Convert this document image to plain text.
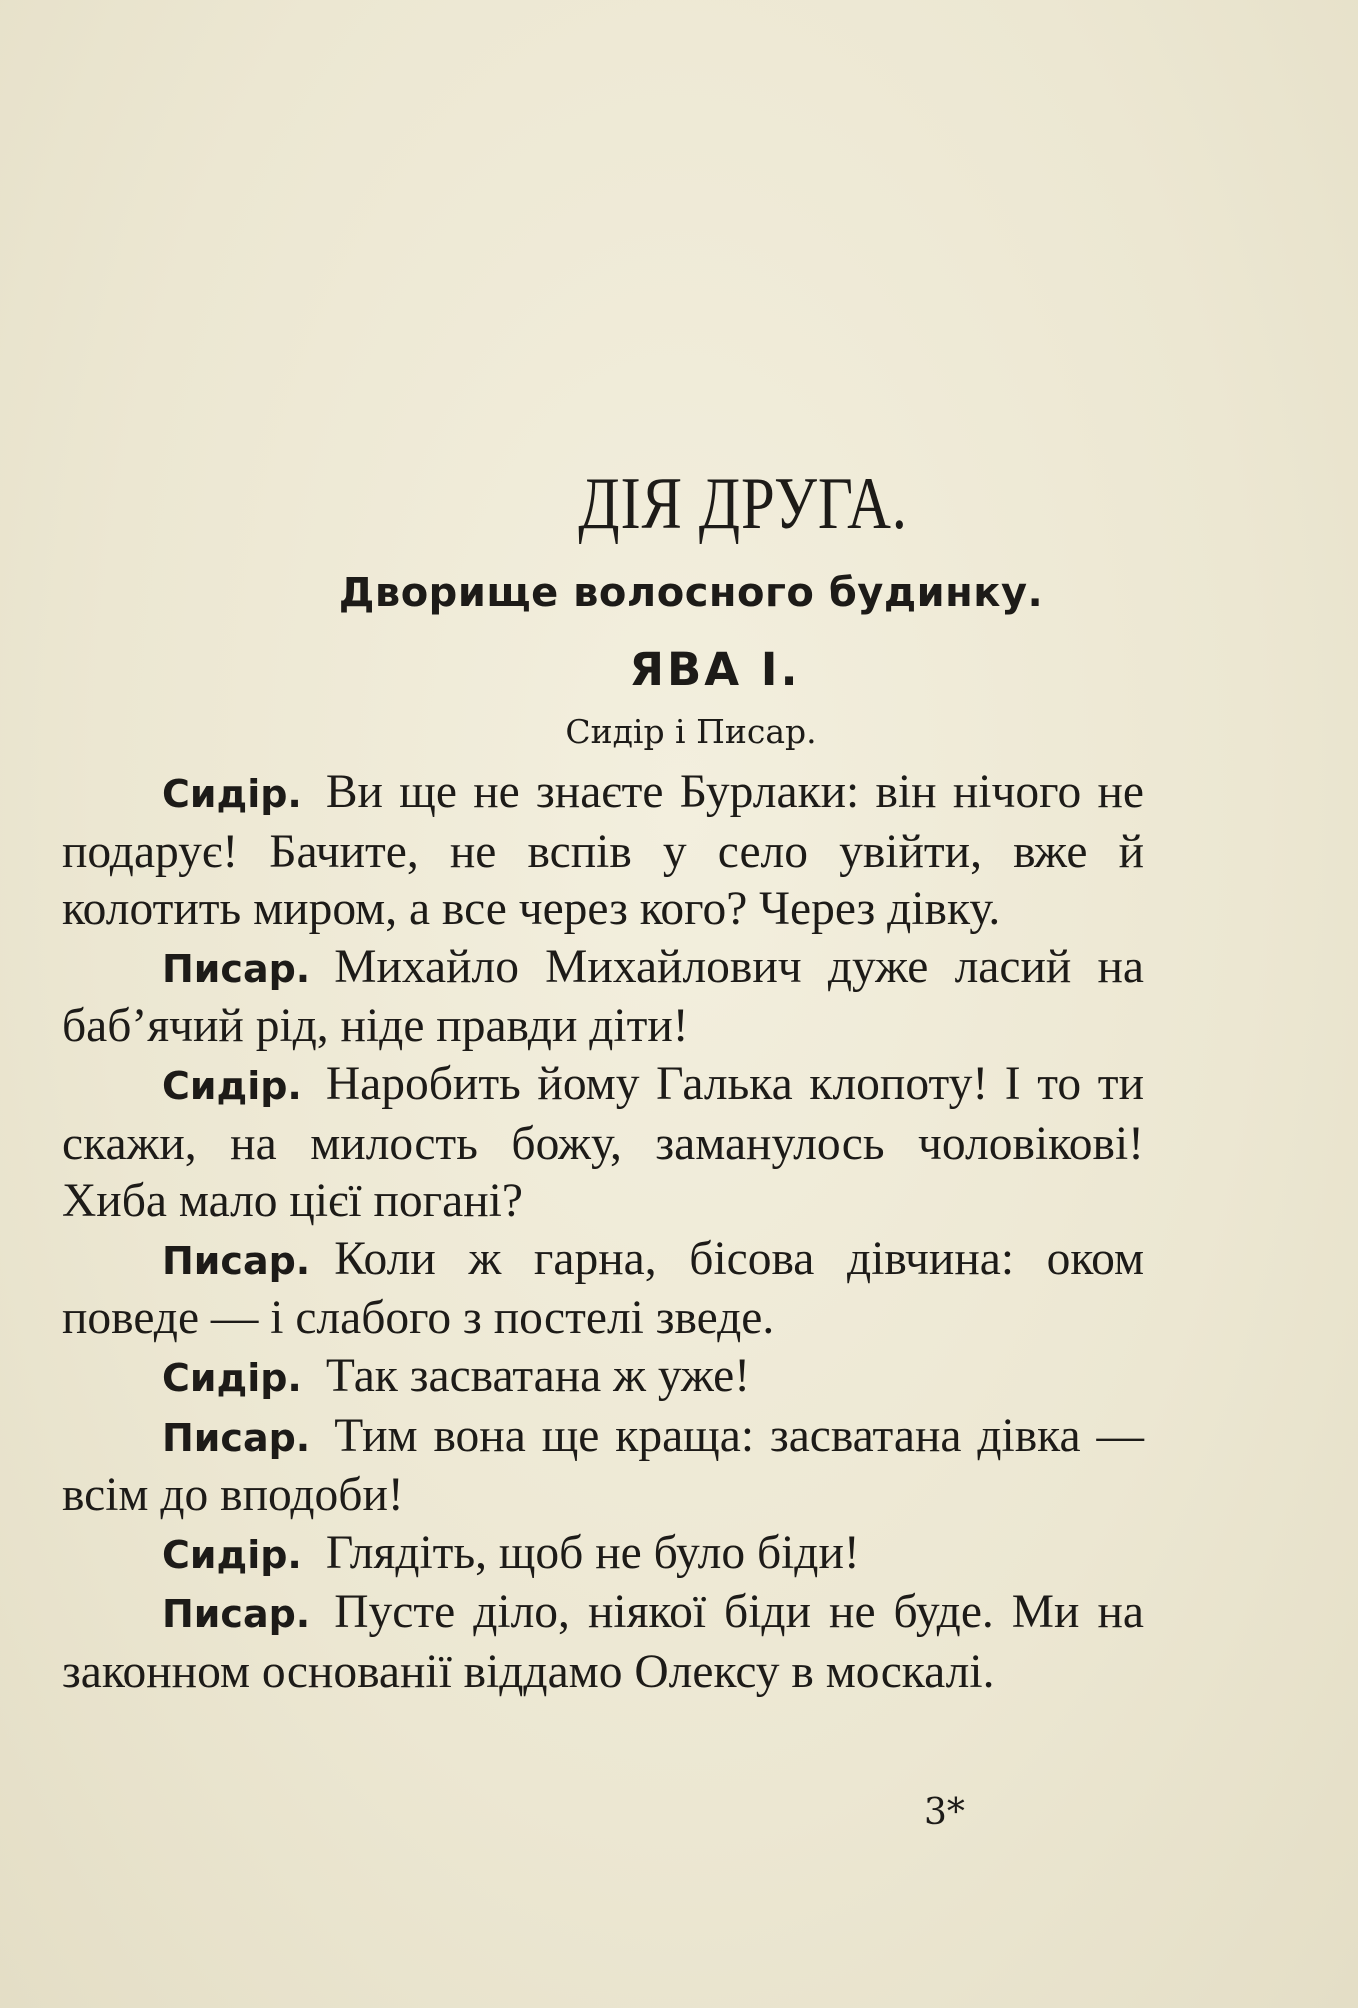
ДІЯ ДРУГА.
Дворище волосного будинку.
ЯВА І.
Сидір і Писар.

Сидір. Ви ще не знаєте Бурлаки: він нічого не подарує! Бачите, не вспів у село увійти, вже й колотить миром, а все через кого? Через дівку.

Писар. Михайло Михайлович дуже ласий на баб’ячий рід, ніде правди діти!

Сидір. Наробить йому Галька клопоту! І то ти скажи, на милость божу, заманулось чоловікові! Хиба мало цієї погані?

Писар. Коли ж гарна, бісова дівчина: оком поведе — і слабого з постелі зведе.

Сидір. Так засватана ж уже!

Писар. Тим вона ще краща: засватана дівка — всім до вподоби!

Сидір. Глядіть, щоб не було біди!

Писар. Пусте діло, ніякої біди не буде. Ми на законном основанії віддамо Олексу в москалі.

3*
